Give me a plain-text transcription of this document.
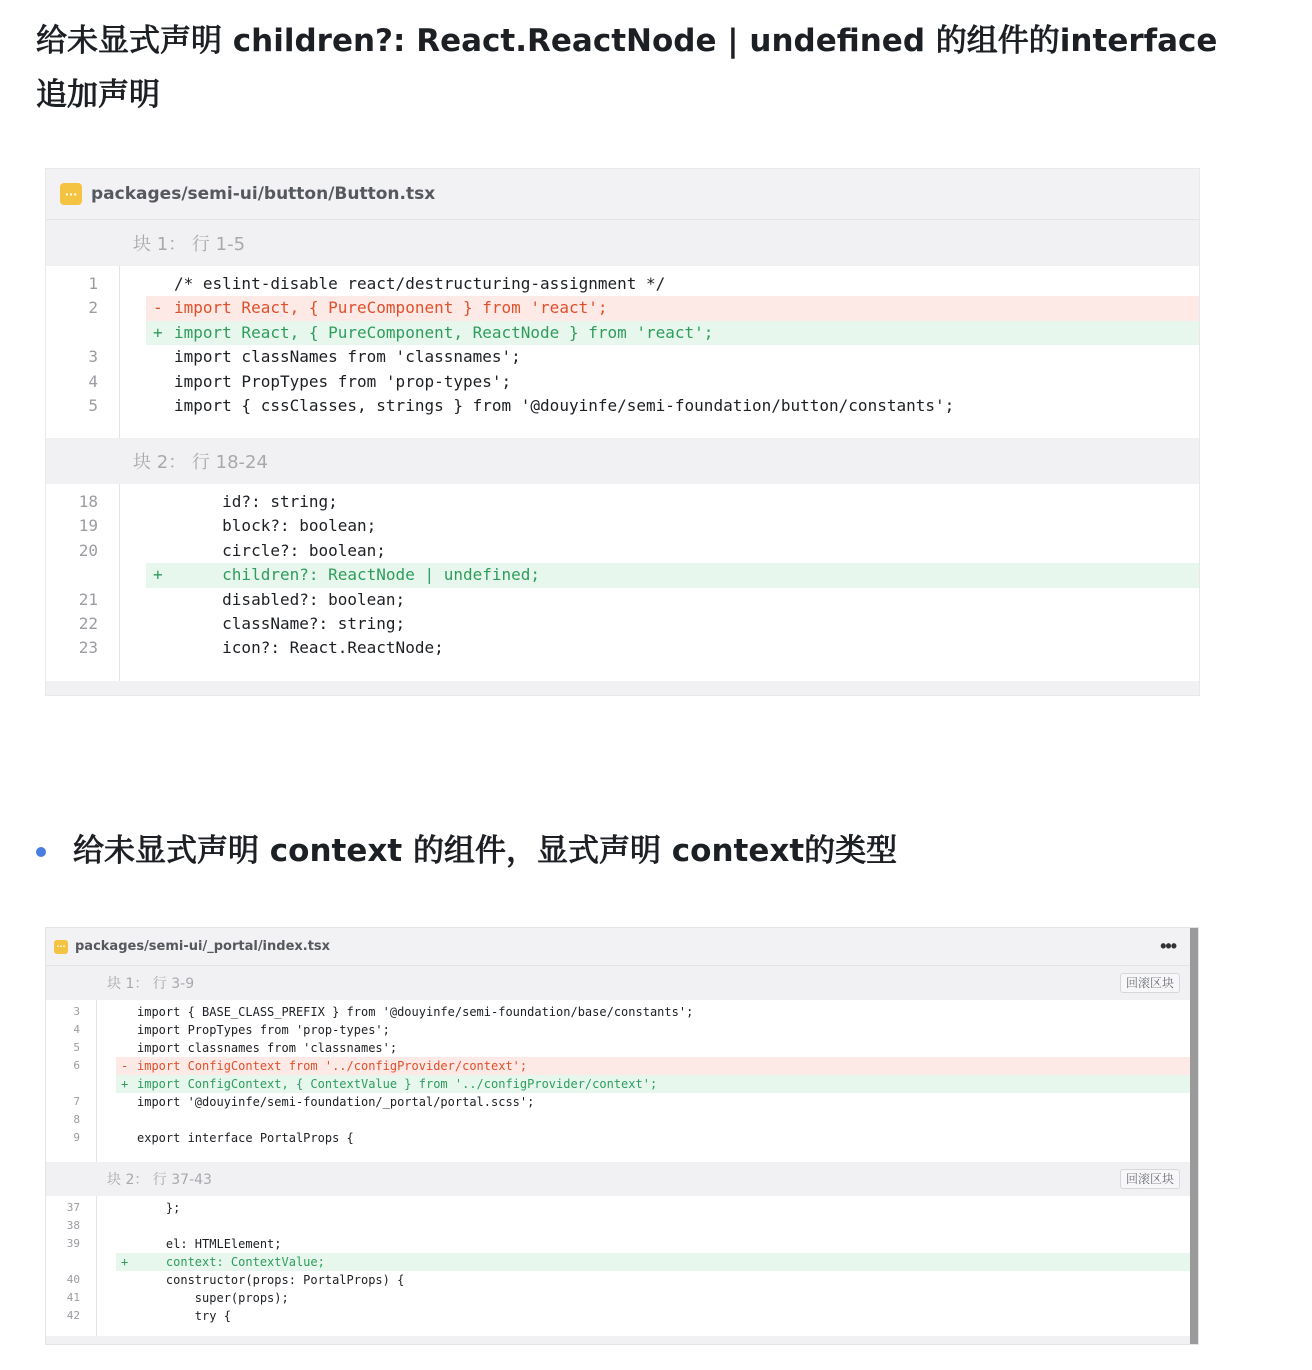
给未显式声明 children?: React.ReactNode | undefined 的组件的interface
追加声明
··· packages/semi-ui/button/Button.tsx
块 1： 行 1-5
1	/* eslint-disable react/destructuring-assignment */
2	- import React, { PureComponent } from 'react';
+ import React, { PureComponent, ReactNode } from 'react';
3	import classNames from 'classnames';
4	import PropTypes from 'prop-types';
5	import { cssClasses, strings } from '@douyinfe/semi-foundation/button/constants';
块 2： 行 18-24
18	id?: string;
19	block?: boolean;
20	circle?: boolean;
+ children?: ReactNode | undefined;
21	disabled?: boolean;
22	className?: string;
23	icon?: React.ReactNode;
给未显式声明 context 的组件，显式声明 context的类型
··· packages/semi-ui/_portal/index.tsx	•••
块 1： 行 3-9	回滚区块
3	import { BASE_CLASS_PREFIX } from '@douyinfe/semi-foundation/base/constants';
4	import PropTypes from 'prop-types';
5	import classnames from 'classnames';
6	- import ConfigContext from '../configProvider/context';
+ import ConfigContext, { ContextValue } from '../configProvider/context';
7	import '@douyinfe/semi-foundation/_portal/portal.scss';
8
9	export interface PortalProps {
块 2： 行 37-43	回滚区块
37	};
38
39	el: HTMLElement;
+ context: ContextValue;
40	constructor(props: PortalProps) {
41	super(props);
42	try {
